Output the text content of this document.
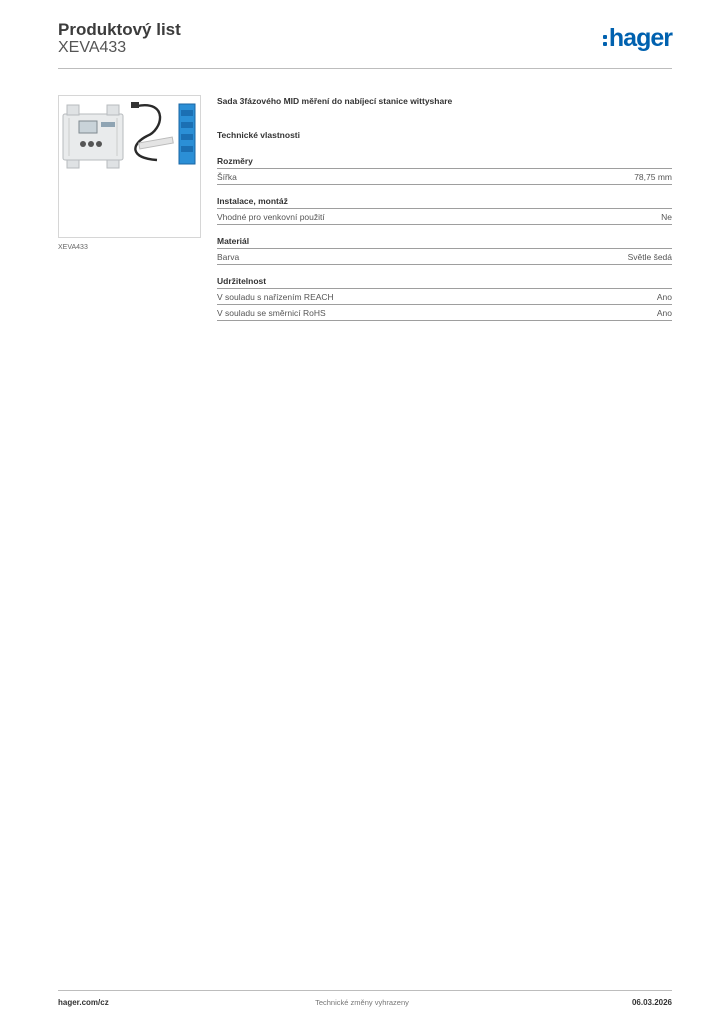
Produktový list
XEVA433	hager
XEVA433
Sada 3fázového MID měření do nabíjecí stanice wittyshare
Technické vlastnosti
Rozměry
Šířka	78,75 mm
Instalace, montáž
Vhodné pro venkovní použití	Ne
Materiál
Barva	Světle šedá
Udržitelnost
V souladu s nařízením REACH	Ano
V souladu se směrnicí RoHS	Ano
hager.com/cz	Technické změny vyhrazeny	06.03.2026
